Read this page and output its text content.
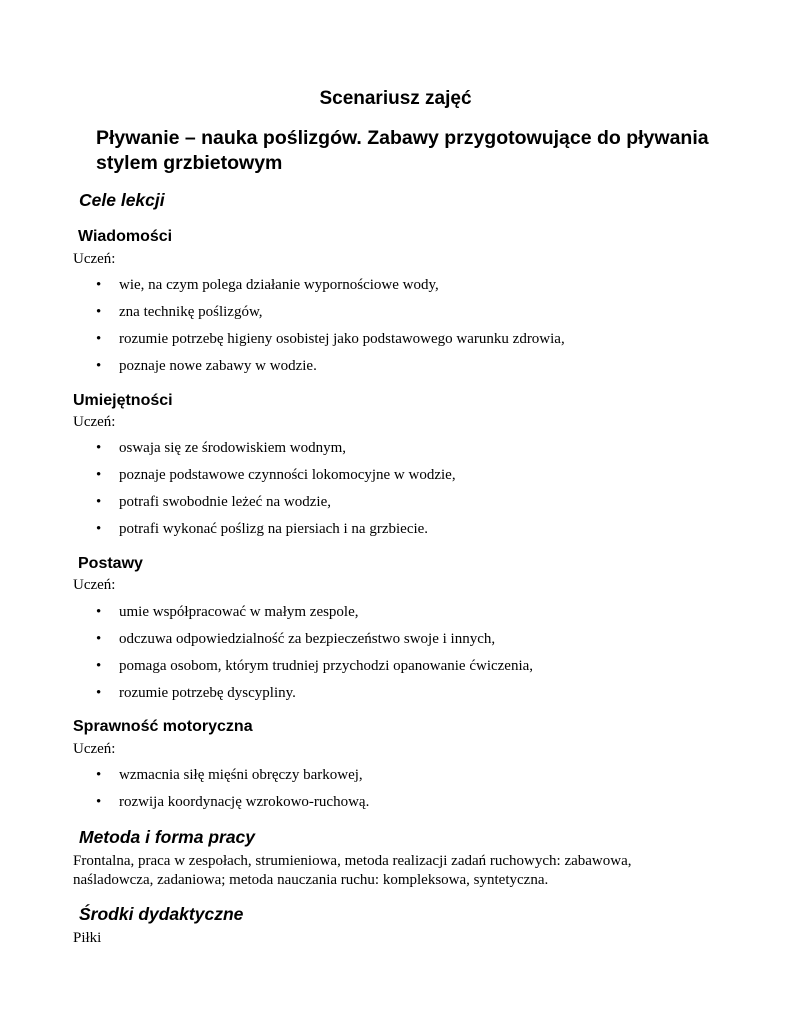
Scenariusz zajęć
Pływanie – nauka poślizgów. Zabawy przygotowujące do pływania stylem grzbietowym
Cele lekcji
Wiadomości

Uczeń:

• wie, na czym polega działanie wypornościowe wody,
• zna technikę poślizgów,
• rozumie potrzebę higieny osobistej jako podstawowego warunku zdrowia,
• poznaje nowe zabawy w wodzie.
Umiejętności

Uczeń:

• oswaja się ze środowiskiem wodnym,
• poznaje podstawowe czynności lokomocyjne w wodzie,
• potrafi swobodnie leżeć na wodzie,
• potrafi wykonać poślizg na piersiach i na grzbiecie.
Postawy

Uczeń:

• umie współpracować w małym zespole,
• odczuwa odpowiedzialność za bezpieczeństwo swoje i innych,
• pomaga osobom, którym trudniej przychodzi opanowanie ćwiczenia,
• rozumie potrzebę dyscypliny.
Sprawność motoryczna

Uczeń:

• wzmacnia siłę mięśni obręczy barkowej,
• rozwija koordynację wzrokowo-ruchową.
Metoda i forma pracy

Frontalna, praca w zespołach, strumieniowa, metoda realizacji zadań ruchowych: zabawowa, naśladowcza, zadaniowa; metoda nauczania ruchu: kompleksowa, syntetyczna.

Środki dydaktyczne

Piłki
